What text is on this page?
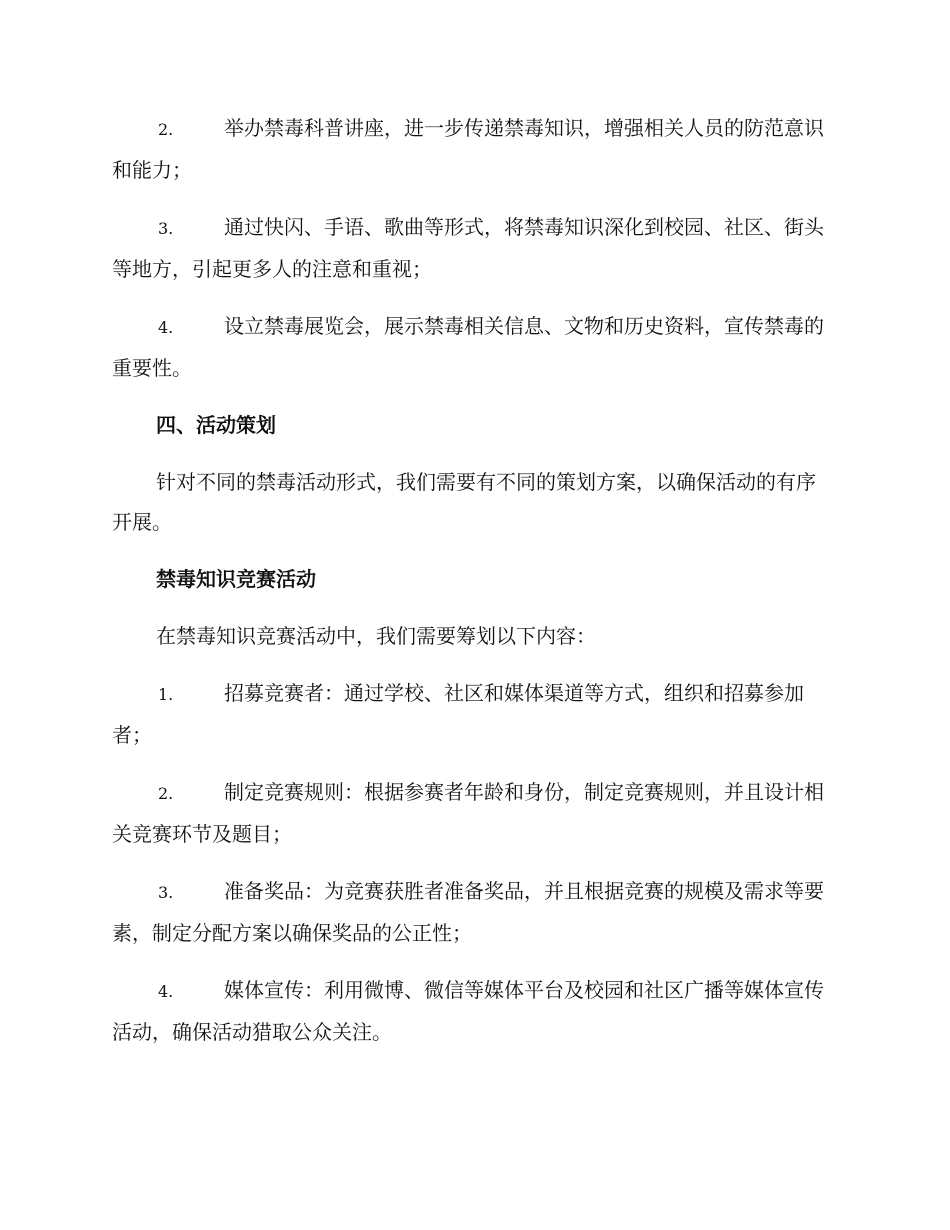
2.	举办禁毒科普讲座，进一步传递禁毒知识，增强相关人员的防范意识和能力；
3.	通过快闪、手语、歌曲等形式，将禁毒知识深化到校园、社区、街头等地方，引起更多人的注意和重视；
4.	设立禁毒展览会，展示禁毒相关信息、文物和历史资料，宣传禁毒的重要性。
四、活动策划
针对不同的禁毒活动形式，我们需要有不同的策划方案，以确保活动的有序开展。
禁毒知识竞赛活动
在禁毒知识竞赛活动中，我们需要筹划以下内容：
1.	招募竞赛者：通过学校、社区和媒体渠道等方式，组织和招募参加者；
2.	制定竞赛规则：根据参赛者年龄和身份，制定竞赛规则，并且设计相关竞赛环节及题目；
3.	准备奖品：为竞赛获胜者准备奖品，并且根据竞赛的规模及需求等要素，制定分配方案以确保奖品的公正性；
4.	媒体宣传：利用微博、微信等媒体平台及校园和社区广播等媒体宣传活动，确保活动猎取公众关注。
